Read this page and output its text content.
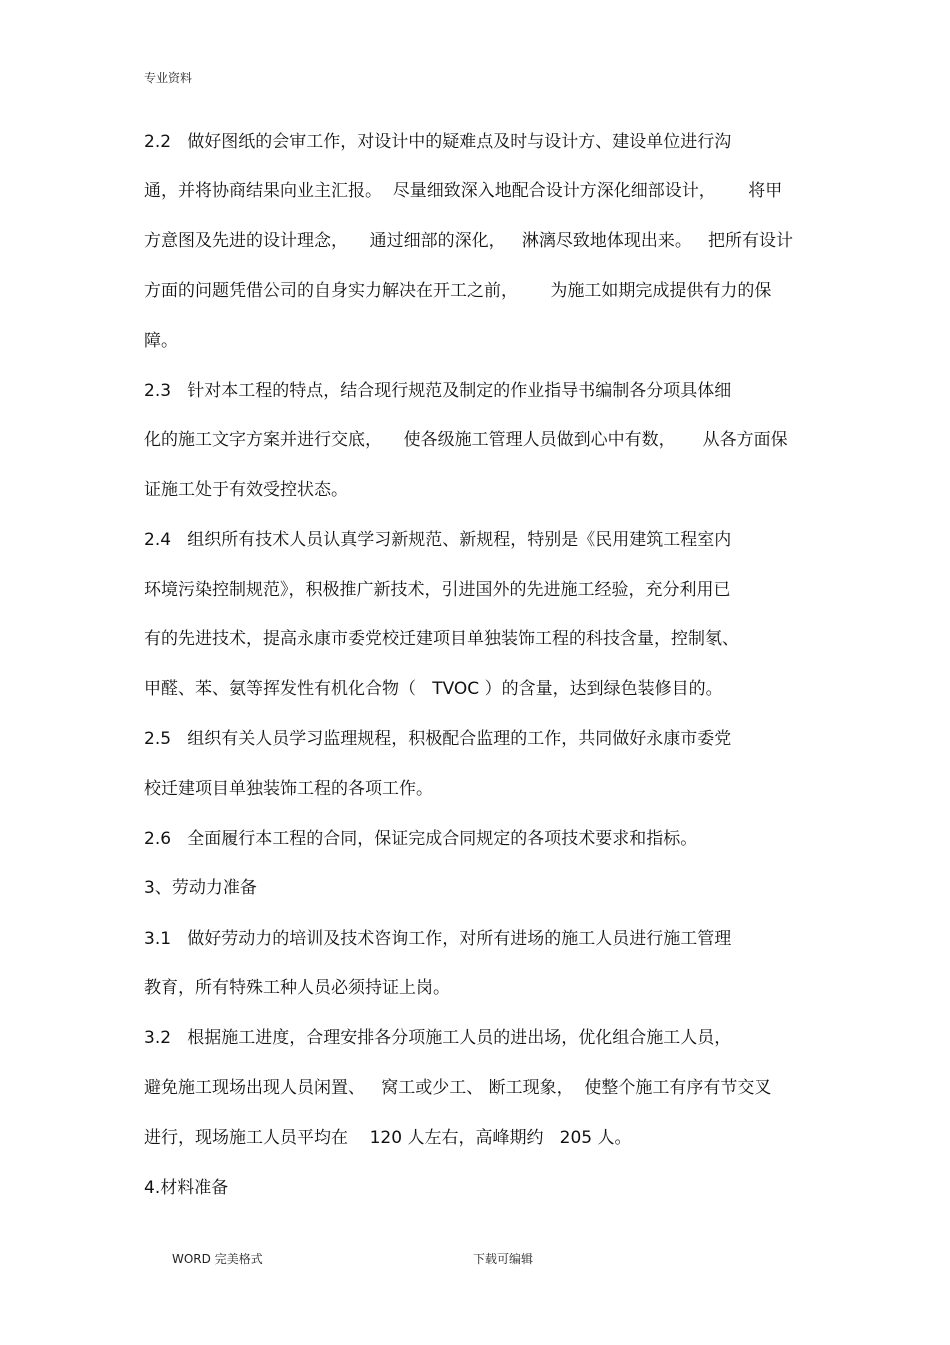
专业资料
2.2   做好图纸的会审工作，对设计中的疑难点及时与设计方、建设单位进行沟
通，并将协商结果向业主汇报。  尽量细致深入地配合设计方深化细部设计，      将甲
方意图及先进的设计理念，    通过细部的深化，   淋漓尽致地体现出来。   把所有设计
方面的问题凭借公司的自身实力解决在开工之前，      为施工如期完成提供有力的保
障。
2.3   针对本工程的特点，结合现行规范及制定的作业指导书编制各分项具体细
化的施工文字方案并进行交底，    使各级施工管理人员做到心中有数，     从各方面保
证施工处于有效受控状态。
2.4   组织所有技术人员认真学习新规范、新规程，特别是《民用建筑工程室内
环境污染控制规范》，积极推广新技术，引进国外的先进施工经验，充分利用已
有的先进技术，提高永康市委党校迁建项目单独装饰工程的科技含量，控制氡、
甲醛、苯、氨等挥发性有机化合物（   TVOC ）的含量，达到绿色装修目的。
2.5   组织有关人员学习监理规程，积极配合监理的工作，共同做好永康市委党
校迁建项目单独装饰工程的各项工作。
2.6   全面履行本工程的合同，保证完成合同规定的各项技术要求和指标。
3、劳动力准备
3.1   做好劳动力的培训及技术咨询工作，对所有进场的施工人员进行施工管理
教育，所有特殊工种人员必须持证上岗。
3.2   根据施工进度，合理安排各分项施工人员的进出场，优化组合施工人员，
避免施工现场出现人员闲置、   窝工或少工、 断工现象，  使整个施工有序有节交叉
进行，现场施工人员平均在    120 人左右，高峰期约   205 人。
4.材料准备
WORD 完美格式	下载可编辑
